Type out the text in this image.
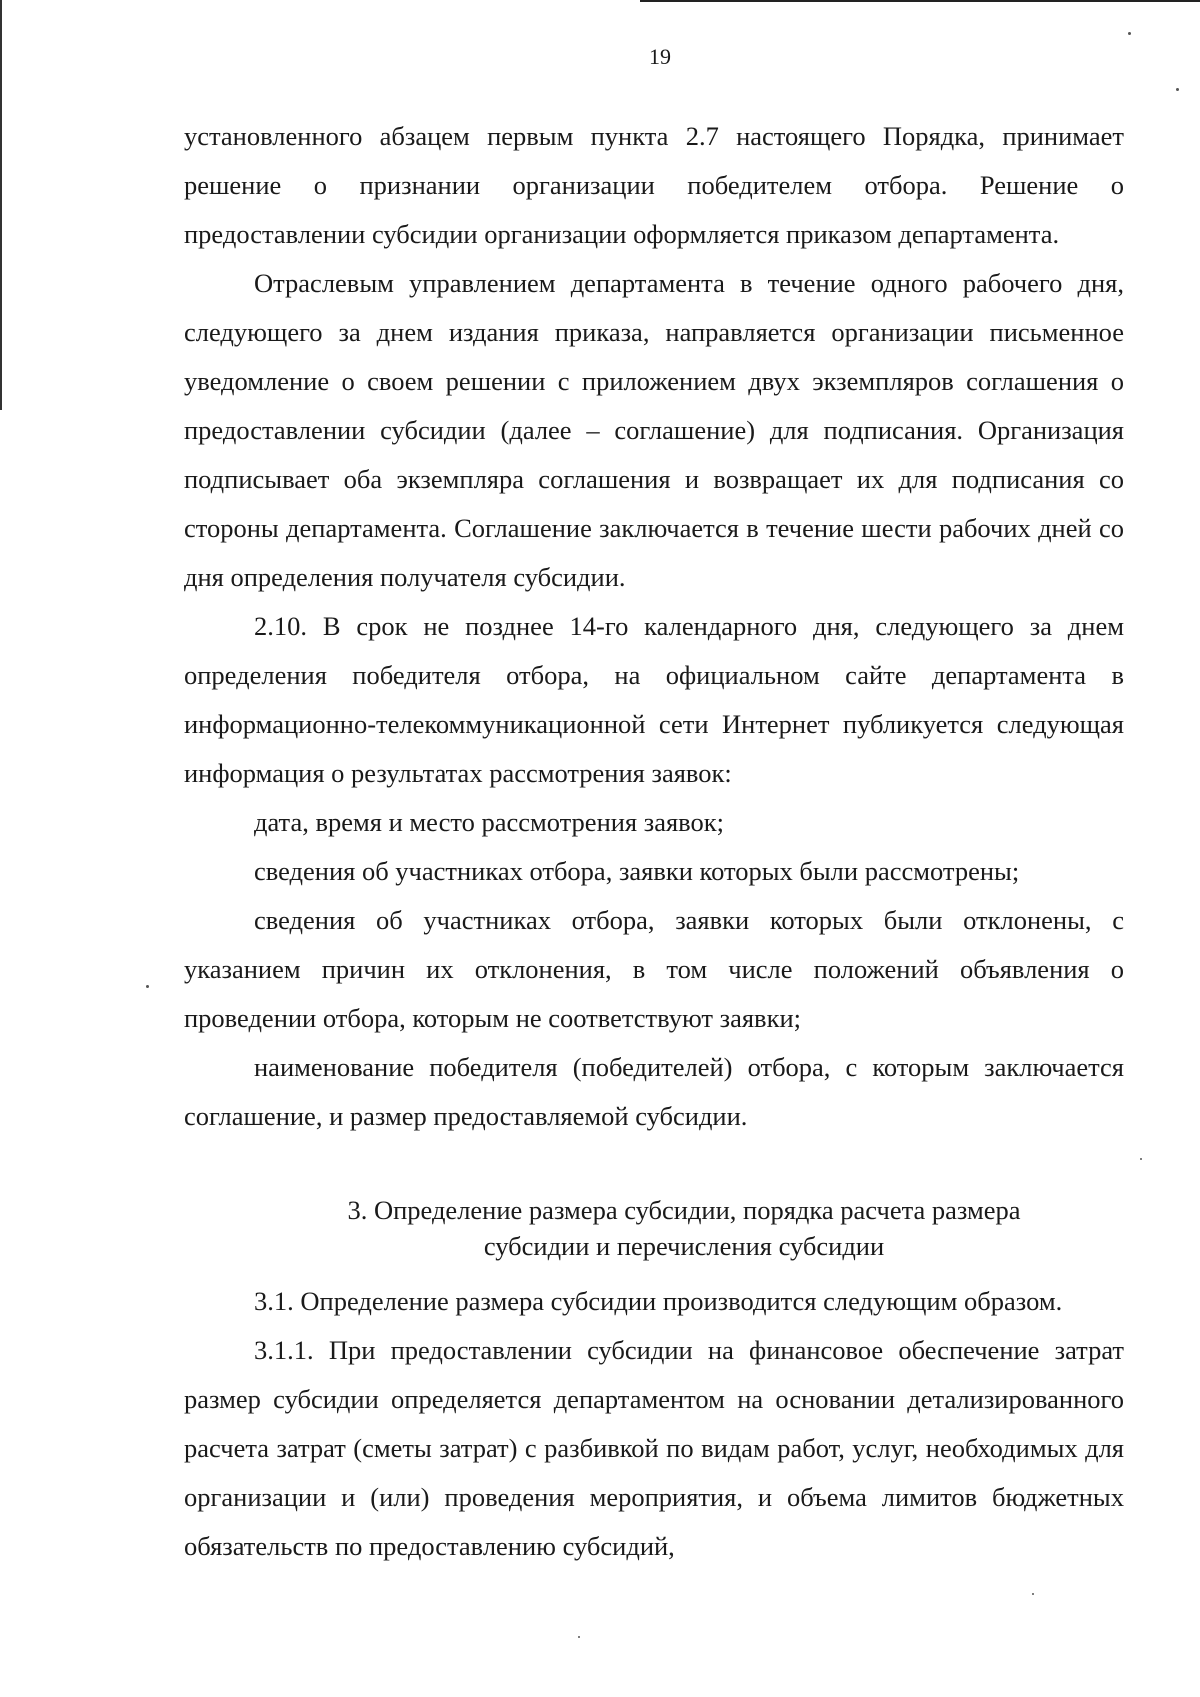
19

установленного абзацем первым пункта 2.7 настоящего Порядка, принимает решение о признании организации победителем отбора. Решение о предоставлении субсидии организации оформляется приказом департамента.

Отраслевым управлением департамента в течение одного рабочего дня, следующего за днем издания приказа, направляется организации письменное уведомление о своем решении с приложением двух экземпляров соглашения о предоставлении субсидии (далее – соглашение) для подписания. Организация подписывает оба экземпляра соглашения и возвращает их для подписания со стороны департамента. Соглашение заключается в течение шести рабочих дней со дня определения получателя субсидии.

2.10. В срок не позднее 14-го календарного дня, следующего за днем определения победителя отбора, на официальном сайте департамента в информационно-телекоммуникационной сети Интернет публикуется следующая информация о результатах рассмотрения заявок:

дата, время и место рассмотрения заявок;

сведения об участниках отбора, заявки которых были рассмотрены;

сведения об участниках отбора, заявки которых были отклонены, с указанием причин их отклонения, в том числе положений объявления о проведении отбора, которым не соответствуют заявки;

наименование победителя (победителей) отбора, с которым заключается соглашение, и размер предоставляемой субсидии.

3. Определение размера субсидии, порядка расчета размера

субсидии и перечисления субсидии

3.1. Определение размера субсидии производится следующим образом.

3.1.1. При предоставлении субсидии на финансовое обеспечение затрат размер субсидии определяется департаментом на основании детализированного расчета затрат (сметы затрат) с разбивкой по видам работ, услуг, необходимых для организации и (или) проведения мероприятия, и объема лимитов бюджетных обязательств по предоставлению субсидий,
